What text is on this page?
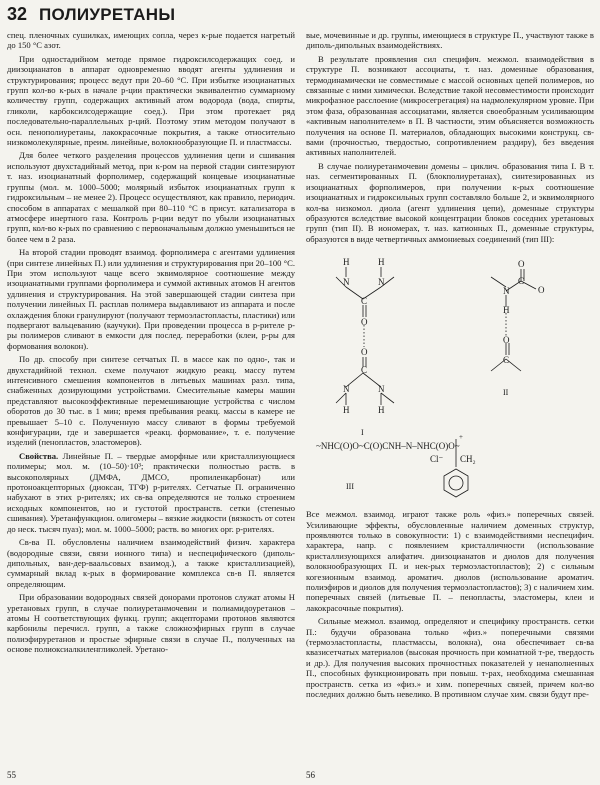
32 ПОЛИУРЕТАНЫ

спец. пленочных сушилках, имеющих сопла, через к-рые подается нагретый до 150 °С азот.

При одностадийном методе прямое гидроксилсодержащих соед. и диизоцианатов в аппарат одновременно вводят агенты удлинения и структурирования; процесс ведут при 20–60 °С. При избытке изоцианатных групп кол-во к-рых в начале р-ции практически эквивалентно суммарному количеству групп, содержащих активный атом водорода (вода, спирты, гликоли, карбоксилсодержащие соед.). При этом протекает ряд последовательно-параллельных р-ций. Поэтому этим методом получают в осн. пенополиуретаны, лакокрасочные покрытия, а также относительно низкомолекулярные, преим. линейные, волокнообразующие П. и пластмассы.

Для более четкого разделения процессов удлинения цепи и сшивания используют двухстадийный метод, при к-ром на первой стадии синтезируют т. наз. изоцианатный форполимер, содержащий концевые изоцианатные группы (мол. м. 1000–5000; молярный избыток изоцианатных групп к гидроксильным – не менее 2). Процесс осуществляют, как правило, периодич. способом в аппаратах с мешалкой при 80–110 °С в присут. катализатора в атмосфере инертного газа. Контроль р-ции ведут по убыли изоцианатных групп, кол-во к-рых по сравнению с первоначальным должно уменьшиться не более чем в 2 раза.

На второй стадии проводят взаимод. форполимера с агентами удлинения (при синтезе линейных П.) или удлинения и структурирования при 20–100 °С. При этом используют чаще всего эквимолярное соотношение между изоцианатными группами форполимера и суммой активных атомов Н агентов удлинения и структурирования. На этой завершающей стадии синтеза при получении линейных П. расплав полимера выдавливают из аппарата и после охлаждения блоки гранулируют (получают термоэластопласты, пластики) или подвергают вальцеванию (каучуки). При проведении процесса в р-рителе р-ры полимеров сливают в емкости для послед. переработки (клеи, р-ры для формования волокон).

По др. способу при синтезе сетчатых П. в массе как по одно-, так и двухстадийной технол. схеме получают жидкую реакц. массу путем интенсивного смешения компонентов в литьевых машинах разл. типа, снабженных дозирующими устройствами. Смесительные камеры машин представляют высокоэффективные перемешивающие устройства с числом оборотов до 30 тыс. в 1 мин; время пребывания реакц. массы в камере не превышает 5–10 с. Полученную массу сливают в формы требуемой конфигурации, где и завершается «реакц. формование», т. е. получение изделий (пенопластов, эластомеров).

Свойства. Линейные П. – твердые аморфные или кристаллизующиеся полимеры; мол. м. (10–50)·10³; практически полностью раств. в высокополярных (ДМФА, ДМСО, пропиленкарбонат) или протоноакцепторных (диоксан, ТГФ) р-рителях. Сетчатые П. ограниченно набухают в этих р-рителях; их св-ва определяются не только строением исходных компонентов, но и густотой пространств. сетки (степенью сшивания). Уретанфункцион. олигомеры – вязкие жидкости (вязкость от сотен до неск. тысяч пуаз); мол. м. 1000–5000; раств. во многих орг. р-рителях.

Св-ва П. обусловлены наличием взаимодействий физич. характера (водородные связи, связи ионного типа) и неспецифического (диполь-дипольных, ван-дер-ваальсовых взаимод.), а также кристаллизацией), суммарный вклад к-рых в формирование комплекса св-в П. является определяющим.

При образовании водородных связей донорами протонов служат атомы Н уретановых групп, в случае полиуретанмочевин и полиамидоуретанов – атомы Н соответствующих функц. групп; акцепторами протонов являются карбонилы перечисл. групп, а также сложноэфирных групп в случае полиэфируретанов и простые эфирные связи в случае П., полученных на основе полиоксиалкиленгликолей. Уретано-

вые, мочевинные и др. группы, имеющиеся в структуре П., участвуют также в диполь-дипольных взаимодействиях.

В результате проявления сил специфич. межмол. взаимодействия в структуре П. возникают ассоциаты, т. наз. доменные образования, термодинамически не совместимые с массой основных цепей полимеров, но связанные с ними химически. Вследствие такой несовместимости происходит микрофазное расслоение (микросегрегация) на надмолекулярном уровне. При этом фаза, образованная ассоциатами, является своеобразным усиливающим «активным наполнителем» в П. В частности, этим объясняется возможность получения на основе П. материалов, обладающих высокими конструкц. св-вами (прочностью, твердостью, сопротивлением раздиру), без введения активных наполнителей.

В случае полиуретанмочевин домены – циклич. образования типа I. В т. наз. сегментированных П. (блокполиуретанах), синтезированных из изоцианатных форполимеров, при получении к-рых соотношение изоцианатных и гидроксильных групп составляло больше 2, и эквимолярного кол-ва низкомол. диола (агент удлинения цепи), доменные структуры образуются вследствие высокой концентрации блоков соседних уретановых групп (тип II). В иономерах, т. наз. катионных П., доменные структуры, образуются в виде четвертичных аммониевых соединений (тип III):

H	H
N	N
C
O
O
C
N	N
H	H
O
C
O
N
H
O
C
I
II
~NHC(O)O~C(O)CNH–N–NHC(O)O~
+
Cl⁻ CH₂
III

Все межмол. взаимод. играют также роль «физ.» поперечных связей. Усиливающие эффекты, обусловленные наличием доменных структур, проявляются только в совокупности: 1) с взаимодействиями неспецифич. характера, напр. с появлением кристалличности (использование кристаллизующихся алифатич. диизоцианатов и диолов для получения волокнообразующих П. и нек-рых термоэластопластов); 2) с сильным когезионным взаимод. ароматич. диолов (использование ароматич. полиэфиров и диолов для получения термоэластопластов); 3) с наличием хим. поперечных связей (литьевые П. – пенопласты, эластомеры, клеи и лакокрасочные покрытия).

Сильные межмол. взаимод. определяют и специфику пространств. сетки П.: будучи образована только «физ.» поперечными связями (термоэластопласты, пластмассы, волокна), она обеспечивает св-ва квазисетчатых материалов (высокая прочность при комнатной т-ре, твердость и др.). Для получения высоких прочностных показателей у ненаполненных П., способных функционировать при повыш. т-рах, необходима смешанная пространств. сетка из «физ.» и хим. поперечных связей, причем кол-во последних должно быть невелико. В противном случае хим. связи будут пре-

55	56
